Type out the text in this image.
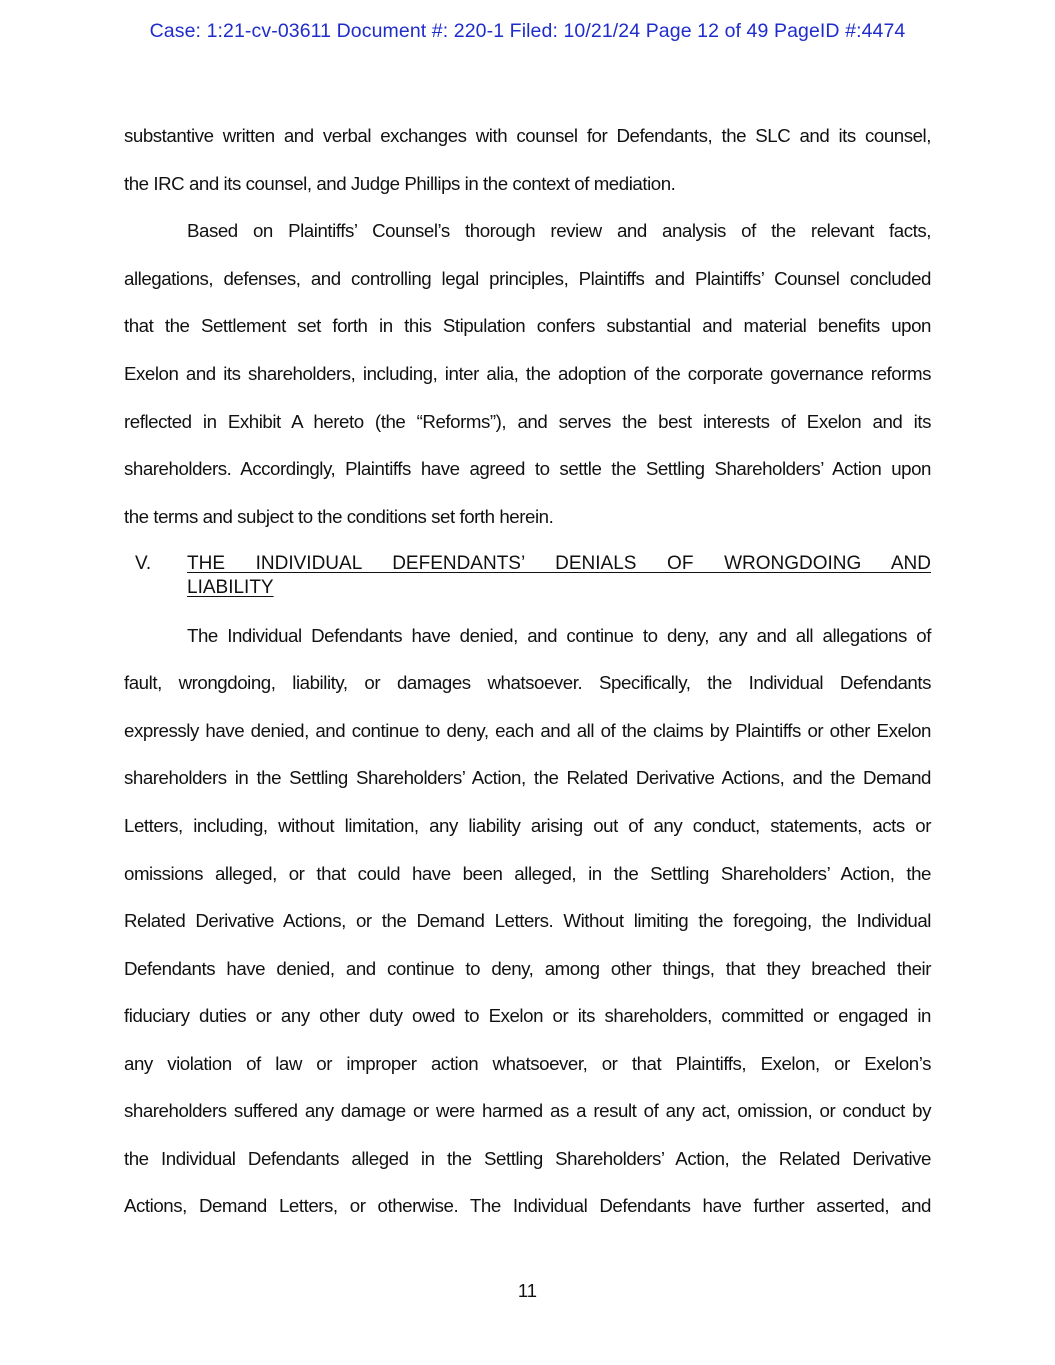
Case: 1:21-cv-03611 Document #: 220-1 Filed: 10/21/24 Page 12 of 49 PageID #:4474
substantive written and verbal exchanges with counsel for Defendants, the SLC and its counsel,
the IRC and its counsel, and Judge Phillips in the context of mediation.
Based on Plaintiffs’ Counsel’s thorough review and analysis of the relevant facts,
allegations, defenses, and controlling legal principles, Plaintiffs and Plaintiffs’ Counsel concluded
that the Settlement set forth in this Stipulation confers substantial and material benefits upon
Exelon and its shareholders, including, inter alia, the adoption of the corporate governance reforms
reflected in Exhibit A hereto (the “Reforms”), and serves the best interests of Exelon and its
shareholders. Accordingly, Plaintiffs have agreed to settle the Settling Shareholders’ Action upon
the terms and subject to the conditions set forth herein.
V. THE INDIVIDUAL DEFENDANTS’ DENIALS OF WRONGDOING AND
LIABILITY
The Individual Defendants have denied, and continue to deny, any and all allegations of
fault, wrongdoing, liability, or damages whatsoever. Specifically, the Individual Defendants
expressly have denied, and continue to deny, each and all of the claims by Plaintiffs or other Exelon
shareholders in the Settling Shareholders’ Action, the Related Derivative Actions, and the Demand
Letters, including, without limitation, any liability arising out of any conduct, statements, acts or
omissions alleged, or that could have been alleged, in the Settling Shareholders’ Action, the
Related Derivative Actions, or the Demand Letters. Without limiting the foregoing, the Individual
Defendants have denied, and continue to deny, among other things, that they breached their
fiduciary duties or any other duty owed to Exelon or its shareholders, committed or engaged in
any violation of law or improper action whatsoever, or that Plaintiffs, Exelon, or Exelon’s
shareholders suffered any damage or were harmed as a result of any act, omission, or conduct by
the Individual Defendants alleged in the Settling Shareholders’ Action, the Related Derivative
Actions, Demand Letters, or otherwise. The Individual Defendants have further asserted, and
11
